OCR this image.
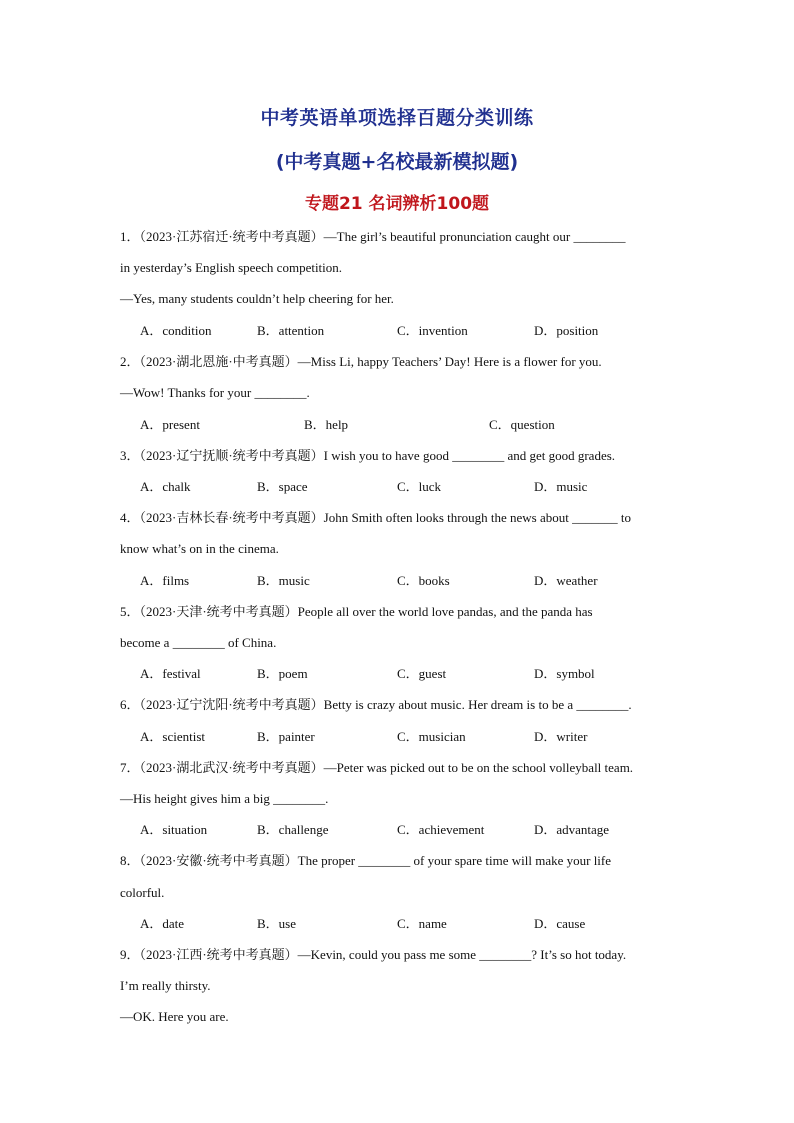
中考英语单项选择百题分类训练
(中考真题+名校最新模拟题)
专题21 名词辨析100题
1．（2023·江苏宿迁·统考中考真题）—The girl’s beautiful pronunciation caught our ________
in yesterday’s English speech competition.
—Yes, many students couldn’t help cheering for her.
A．condition	B．attention	C．invention	D．position
2．（2023·湖北恩施·中考真题）—Miss Li, happy Teachers’ Day! Here is a flower for you.
—Wow! Thanks for your ________.
A．present	B．help	C．question
3．（2023·辽宁抚顺·统考中考真题）I wish you to have good ________ and get good grades.
A．chalk	B．space	C．luck	D．music
4．（2023·吉林长春·统考中考真题）John Smith often looks through the news about _______ to
know what’s on in the cinema.
A．films	B．music	C．books	D．weather
5．（2023·天津·统考中考真题）People all over the world love pandas, and the panda has
become a ________ of China.
A．festival	B．poem	C．guest	D．symbol
6．（2023·辽宁沈阳·统考中考真题）Betty is crazy about music. Her dream is to be a ________.
A．scientist	B．painter	C．musician	D．writer
7．（2023·湖北武汉·统考中考真题）—Peter was picked out to be on the school volleyball team.
—His height gives him a big ________.
A．situation	B．challenge	C．achievement	D．advantage
8．（2023·安徽·统考中考真题）The proper ________ of your spare time will make your life
colorful.
A．date	B．use	C．name	D．cause
9．（2023·江西·统考中考真题）—Kevin, could you pass me some ________? It’s so hot today.
I’m really thirsty.
—OK. Here you are.
